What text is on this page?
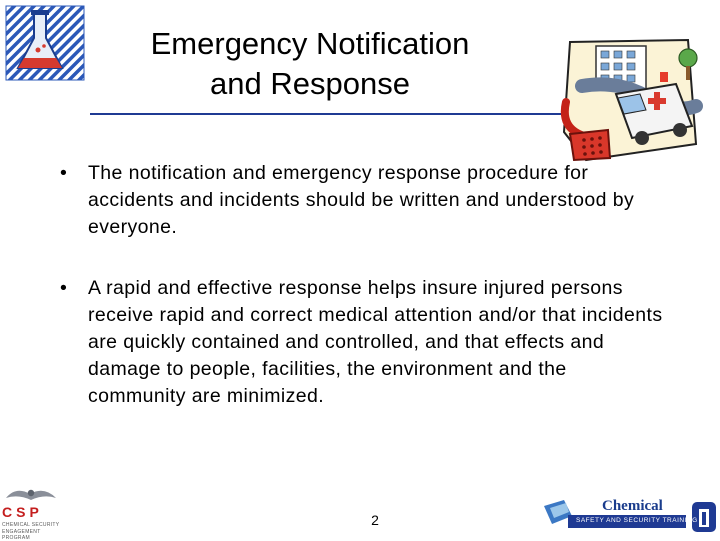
Emergency Notification
and Response
• The notification and emergency response procedure for accidents and incidents should be written and understood by everyone.
• A rapid and effective response helps insure injured persons receive rapid and correct medical attention and/or that incidents are quickly contained and controlled, and that effects and damage to people, facilities, the environment and the community are minimized.
2
CSP
CHEMICAL SECURITY
ENGAGEMENT PROGRAM
Chemical
SAFETY AND SECURITY TRAINING
